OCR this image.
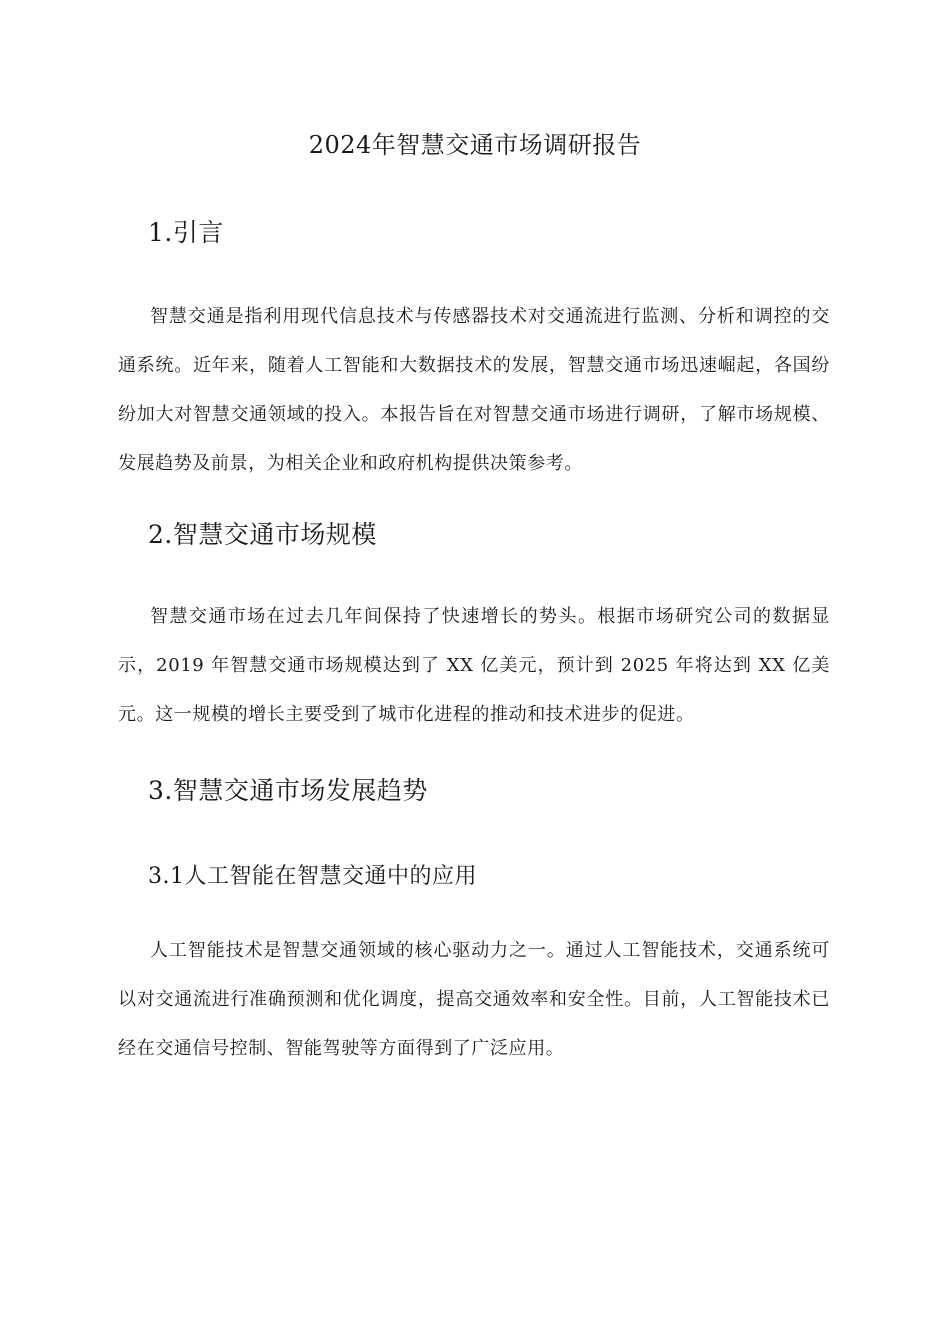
2024年智慧交通市场调研报告
1.引言
智慧交通是指利用现代信息技术与传感器技术对交通流进行监测、分析和调控的交通系统。近年来，随着人工智能和大数据技术的发展，智慧交通市场迅速崛起，各国纷纷加大对智慧交通领域的投入。本报告旨在对智慧交通市场进行调研，了解市场规模、发展趋势及前景，为相关企业和政府机构提供决策参考。
2.智慧交通市场规模
智慧交通市场在过去几年间保持了快速增长的势头。根据市场研究公司的数据显示，2019 年智慧交通市场规模达到了 XX 亿美元，预计到 2025 年将达到 XX 亿美元。这一规模的增长主要受到了城市化进程的推动和技术进步的促进。
3.智慧交通市场发展趋势
3.1人工智能在智慧交通中的应用
人工智能技术是智慧交通领域的核心驱动力之一。通过人工智能技术，交通系统可以对交通流进行准确预测和优化调度，提高交通效率和安全性。目前，人工智能技术已经在交通信号控制、智能驾驶等方面得到了广泛应用。
